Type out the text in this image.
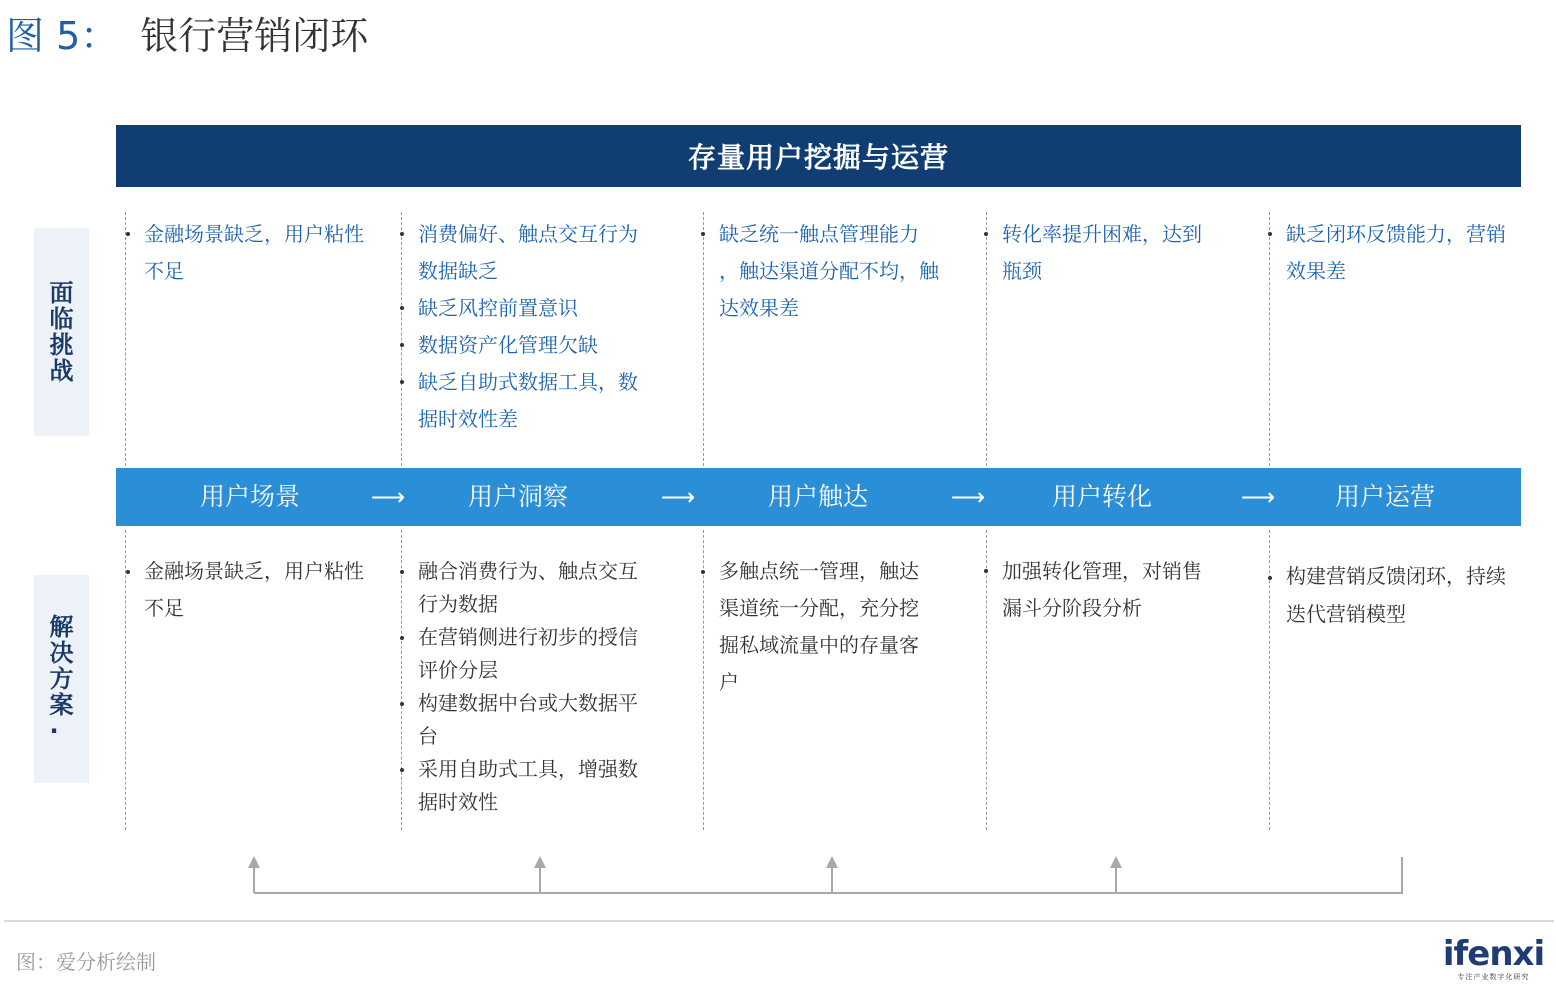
图 5： 银行营销闭环
存量用户挖掘与运营
面
临
挑
战
解
决
方
案
·
金融场景缺乏，用户粘性
不足
消费偏好、触点交互行为
数据缺乏
缺乏风控前置意识
数据资产化管理欠缺
缺乏自助式数据工具，数
据时效性差
缺乏统一触点管理能力
，触达渠道分配不均，触
达效果差
转化率提升困难，达到
瓶颈
缺乏闭环反馈能力，营销
效果差
用户场景	⟶	用户洞察	⟶	用户触达	⟶	用户转化	⟶ 用户运营
金融场景缺乏，用户粘性
不足
融合消费行为、触点交互
行为数据
在营销侧进行初步的授信
评价分层
构建数据中台或大数据平
台
采用自助式工具，增强数
据时效性
多触点统一管理，触达
渠道统一分配，充分挖
掘私域流量中的存量客
户
加强转化管理，对销售
漏斗分阶段分析
构建营销反馈闭环，持续
迭代营销模型
图：爱分析绘制	ifenxi
专注产业数字化研究
